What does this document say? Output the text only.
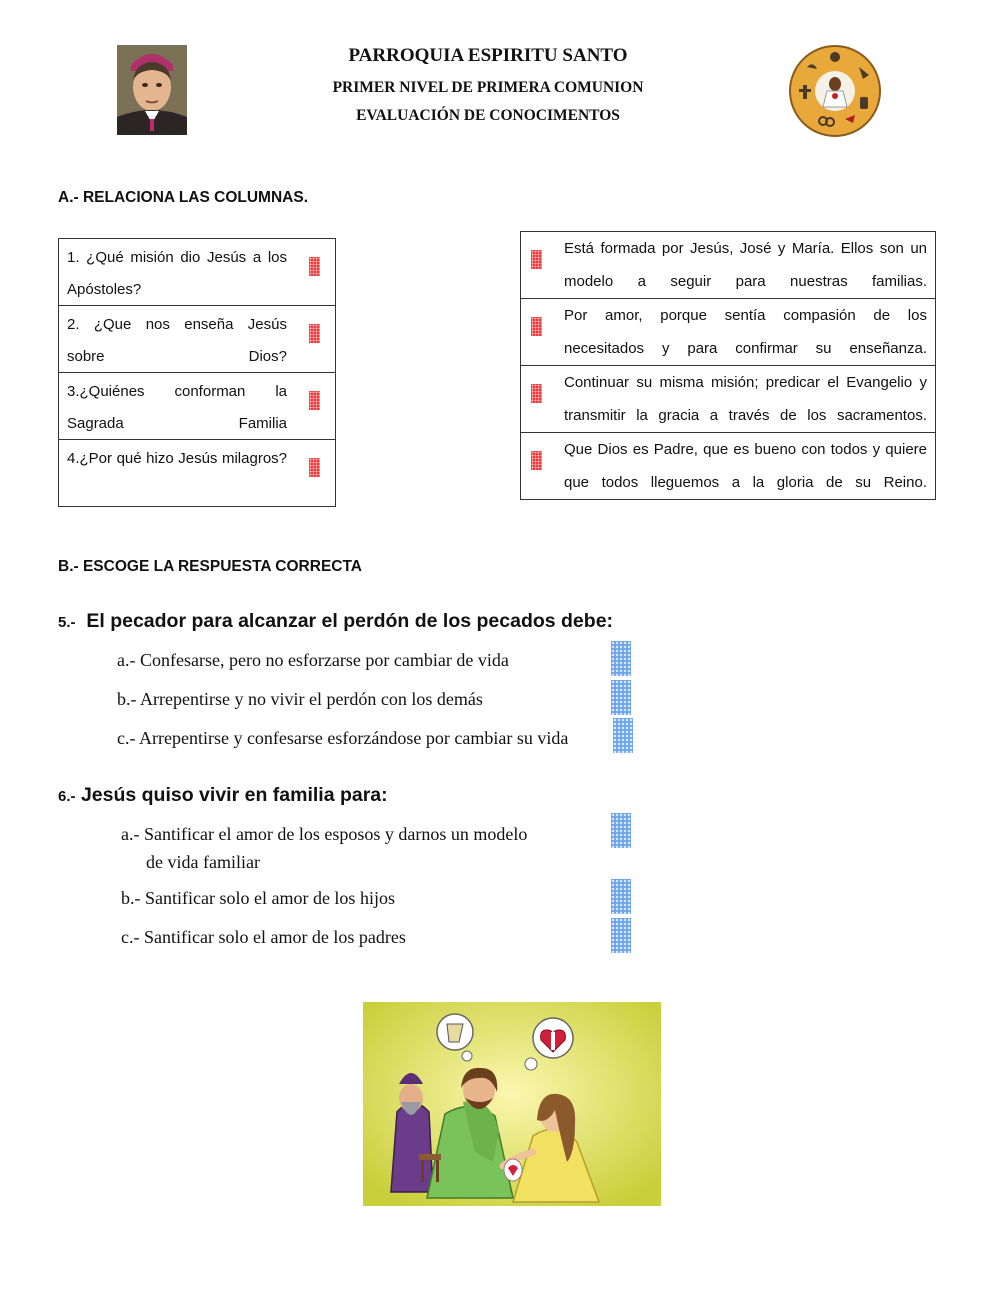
PARROQUIA ESPIRITU SANTO
PRIMER NIVEL DE PRIMERA COMUNION
EVALUACIÓN DE CONOCIMENTOS
A.- RELACIONA LAS COLUMNAS.
1. ¿Qué misión dio Jesús a los Apóstoles?

2. ¿Que nos enseña Jesús sobre Dios?

3.¿Quiénes conforman la Sagrada Familia

4.¿Por qué hizo Jesús milagros?
Está formada por Jesús, José y María. Ellos son un modelo a seguir para nuestras familias.

Por amor, porque sentía compasión de los necesitados y para confirmar su enseñanza.

Continuar su misma misión; predicar el Evangelio y transmitir la gracia a través de los sacramentos.

Que Dios es Padre, que es bueno con todos y quiere que todos lleguemos a la gloria de su Reino.
B.- ESCOGE LA RESPUESTA CORRECTA
5.- El pecador para alcanzar el perdón de los pecados debe:
a.- Confesarse, pero no esforzarse por cambiar de vida
b.- Arrepentirse y no vivir el perdón con los demás
c.- Arrepentirse y confesarse esforzándose por cambiar su vida
6.- Jesús quiso vivir en familia para:
a.- Santificar el amor de los esposos y darnos un modelo
de vida familiar
b.- Santificar solo el amor de los hijos
c.- Santificar solo el amor de los padres
